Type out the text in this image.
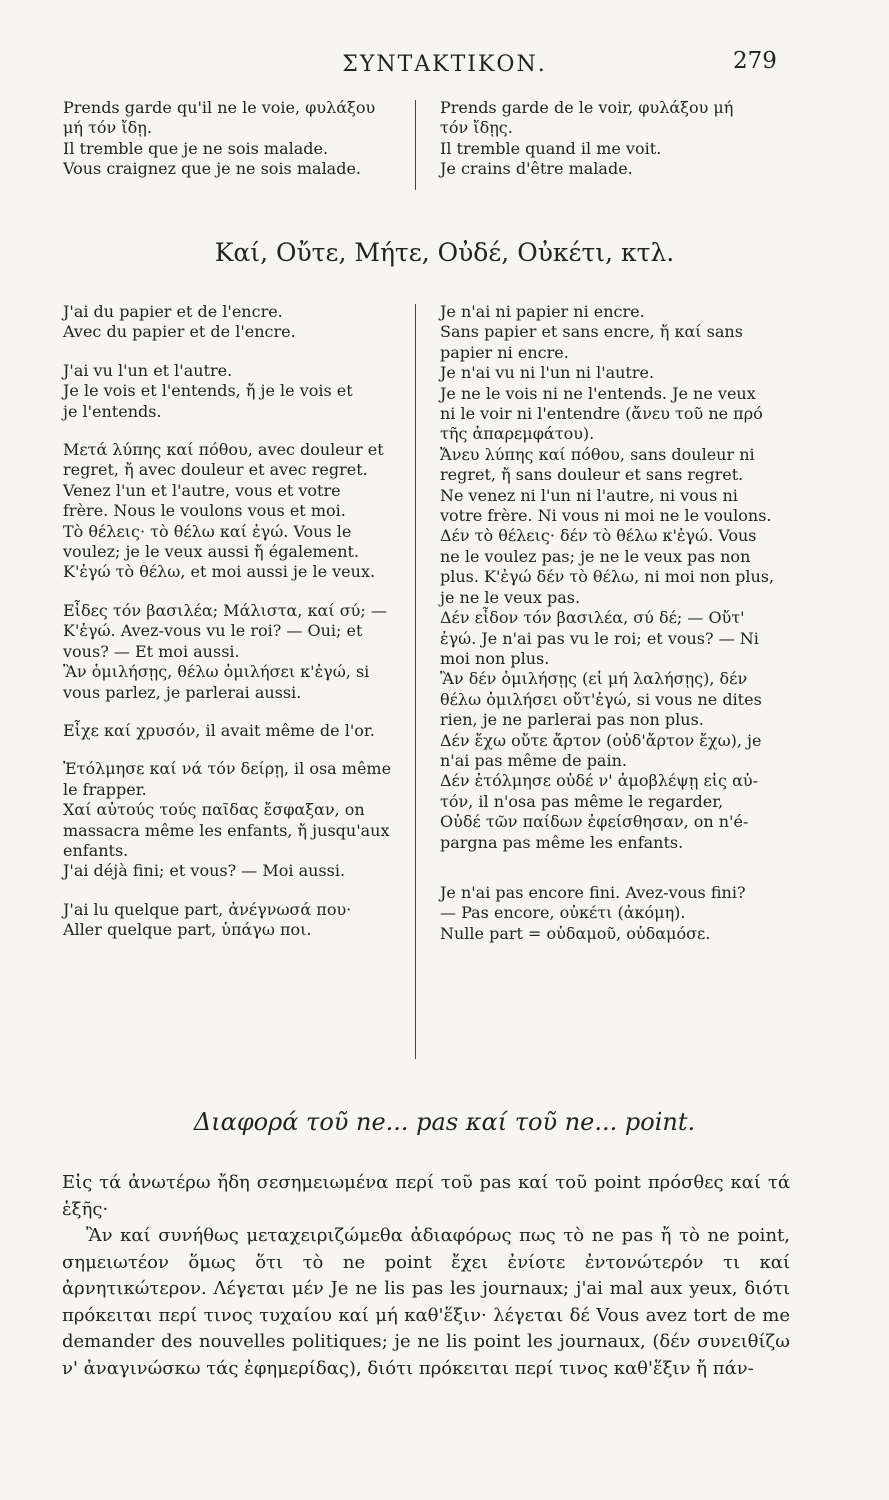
ΣΥΝΤΑΚΤΙΚΟΝ.	279

Prends garde qu'il ne le voie, φυλάξου

μή τόν ἴδῃ.

Il tremble que je ne sois malade.

Vous craignez que je ne sois malade.

Prends garde de le voir, φυλάξου μή

τόν ἴδῃς.

Il tremble quand il me voit.

Je crains d'être malade.

Καί, Οὔτε, Μήτε, Οὐδέ, Οὐκέτι, κτλ.

J'ai du papier et de l'encre.

Avec du papier et de l'encre.

J'ai vu l'un et l'autre.

Je le vois et l'entends, ἤ je le vois et

je l'entends.

Μετά λύπης καί πόθου, avec douleur et

regret, ἤ avec douleur et avec regret.

Venez l'un et l'autre, vous et votre

frère. Nous le voulons vous et moi.

Τὸ θέλεις· τὸ θέλω καί ἐγώ. Vous le

voulez; je le veux aussi ἤ également.

Κ'ἐγώ τὸ θέλω, et moi aussi je le veux.

Εἶδες τόν βασιλέα; Μάλιστα, καί σύ; —

Κ'ἐγώ. Avez-vous vu le roi? — Oui; et

vous? — Et moi aussi.

Ἂν ὁμιλήσῃς, θέλω ὁμιλήσει κ'ἐγώ, si

vous parlez, je parlerai aussi.

Εἶχε καί χρυσόν, il avait même de l'or.

Ἐτόλμησε καί νά τόν δείρῃ, il osa même

le frapper.

Χαί αὐτούς τούς παῖδας ἔσφαξαν, on

massacra même les enfants, ἤ jusqu'aux

enfants.

J'ai déjà fini; et vous? — Moi aussi.

J'ai lu quelque part, ἀνέγνωσά που·

Aller quelque part, ὑπάγω ποι.

Je n'ai ni papier ni encre.

Sans papier et sans encre, ἤ καί sans

papier ni encre.

Je n'ai vu ni l'un ni l'autre.

Je ne le vois ni ne l'entends. Je ne veux

ni le voir ni l'entendre (ἄνευ τοῦ ne πρό

τῆς ἀπαρεμφάτου).

Ἄνευ λύπης καί πόθου, sans douleur ni

regret, ἤ sans douleur et sans regret.

Ne venez ni l'un ni l'autre, ni vous ni

votre frère. Ni vous ni moi ne le voulons.

Δέν τὸ θέλεις· δέν τὸ θέλω κ'ἐγώ. Vous

ne le voulez pas; je ne le veux pas non

plus. Κ'ἐγώ δέν τὸ θέλω, ni moi non plus,

je ne le veux pas.

Δέν εἶδον τόν βασιλέα, σύ δέ; — Οὔτ'

ἐγώ. Je n'ai pas vu le roi; et vous? — Ni

moi non plus.

Ἂν δέν ὁμιλήσῃς (εἰ μή λαλήσῃς), δέν

θέλω ὁμιλήσει οὔτ'ἐγώ, si vous ne dites

rien, je ne parlerai pas non plus.

Δέν ἔχω οὔτε ἄρτον (οὐδ'ἄρτον ἔχω), je

n'ai pas même de pain.

Δέν ἐτόλμησε οὐδέ ν' ἀμοβλέψῃ εἰς αὐ-

τόν, il n'osa pas même le regarder,

Οὐδέ τῶν παίδων ἐφείσθησαν, on n'é-

pargna pas même les enfants.

Je n'ai pas encore fini. Avez-vous fini?

— Pas encore, οὐκέτι (ἀκόμη).

Nulle part = οὐδαμοῦ, οὐδαμόσε.

Διαφορά τοῦ ne... pas καί τοῦ ne... point.

Εἰς τά ἀνωτέρω ἤδη σεσημειωμένα περί τοῦ pas καί τοῦ point πρόσθες καί τά ἑξῆς·

Ἂν καί συνήθως μεταχειριζώμεθα ἀδιαφόρως πως τὸ ne pas ἤ τὸ ne point, σημειωτέον ὅμως ὅτι τὸ ne point ἔχει ἐνίοτε ἐντονώτερόν τι καί ἀρνητικώτερον. Λέγεται μέν Je ne lis pas les journaux; j'ai mal aux yeux, διότι πρόκειται περί τινος τυχαίου καί μή καθ'ἕξιν· λέγεται δέ Vous avez tort de me demander des nouvelles politiques; je ne lis point les journaux, (δέν συνειθίζω ν' ἀναγινώσκω τάς ἐφημερίδας), διότι πρόκειται περί τινος καθ'ἕξιν ἤ πάν-
